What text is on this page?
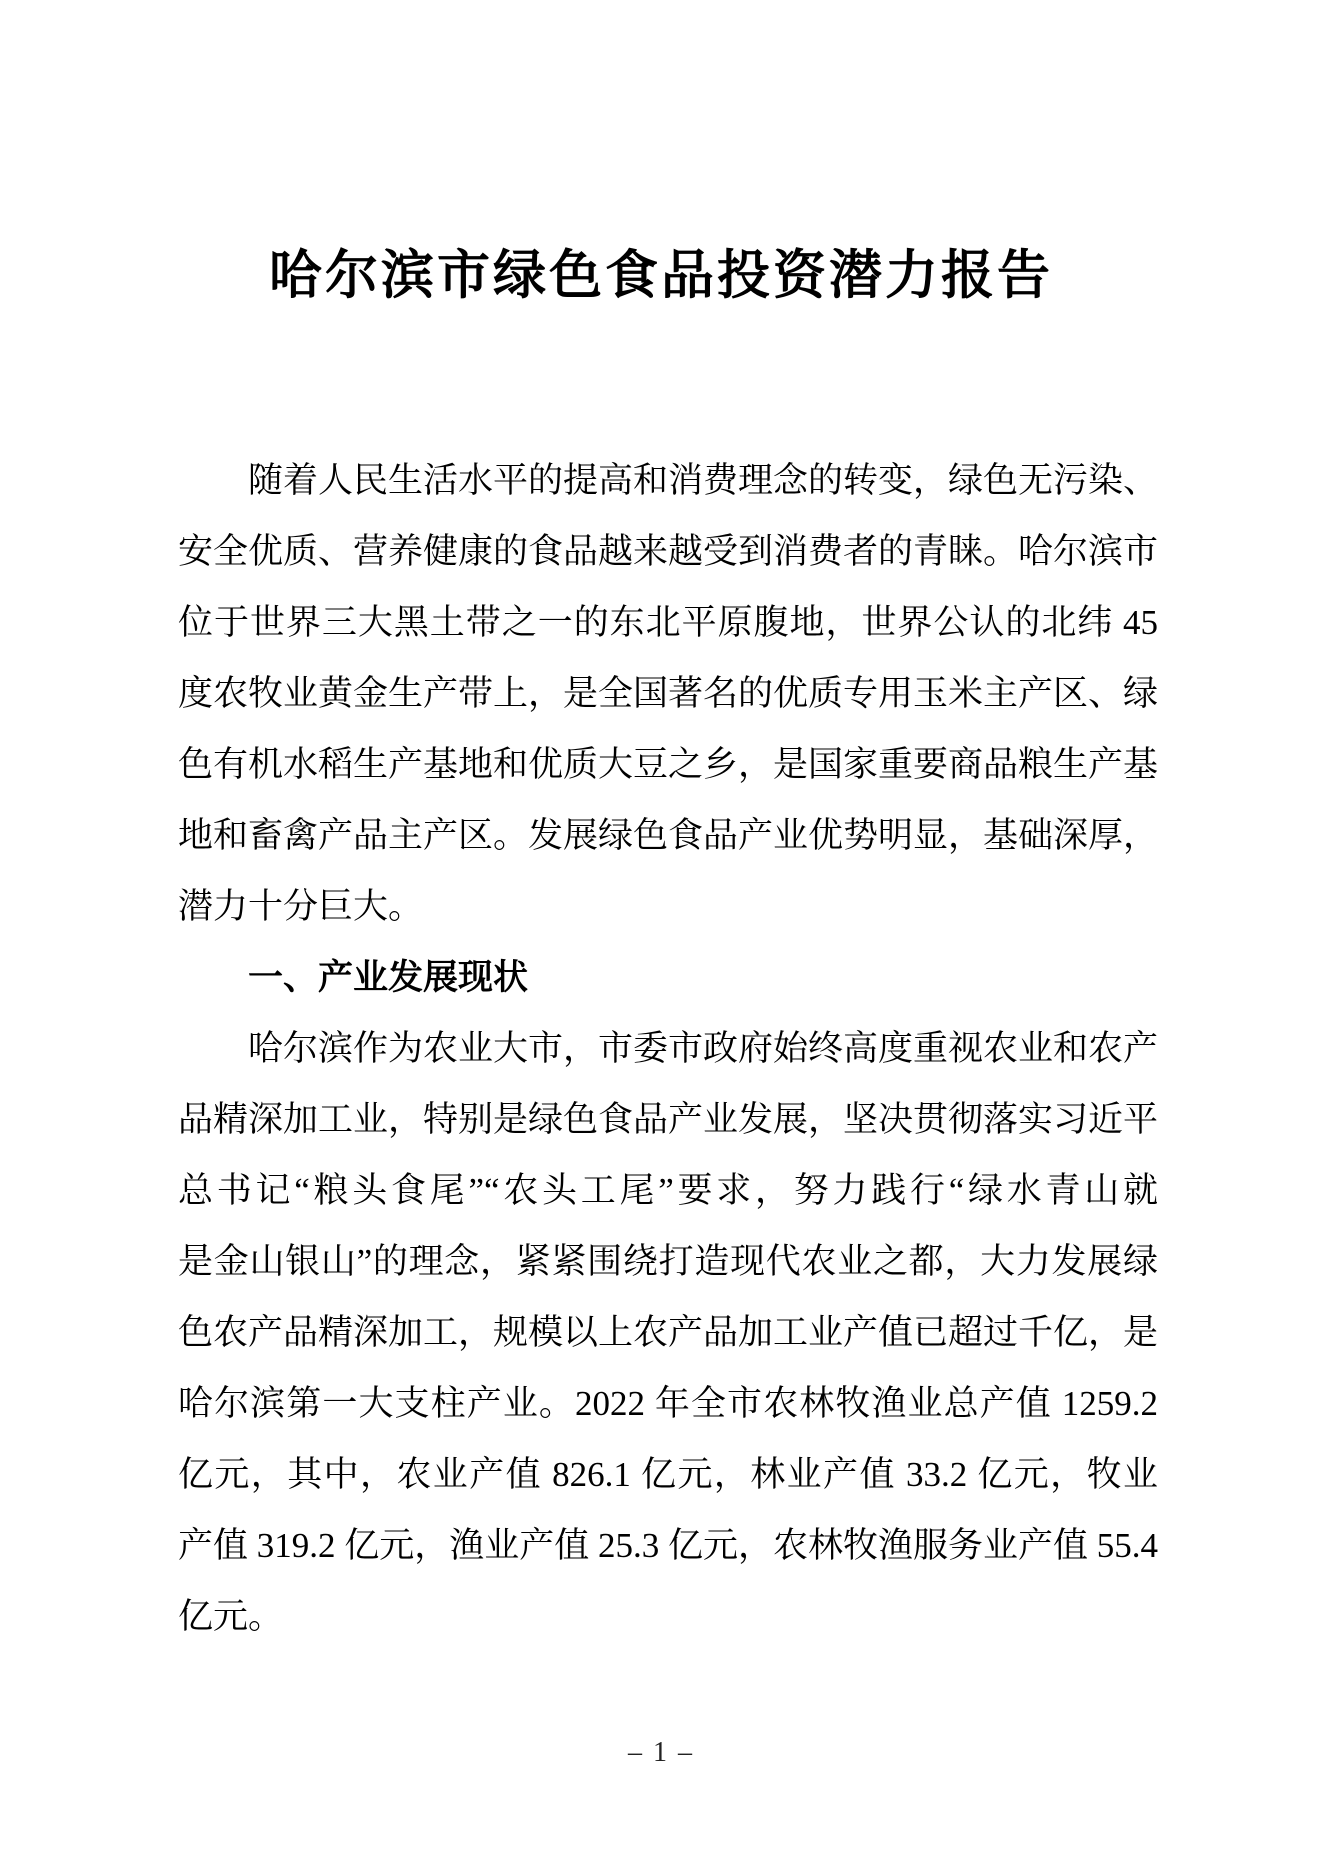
哈尔滨市绿色食品投资潜力报告
随着人民生活水平的提高和消费理念的转变，绿色无污染、
安全优质、营养健康的食品越来越受到消费者的青睐。哈尔滨市
位于世界三大黑土带之一的东北平原腹地，世界公认的北纬 45
度农牧业黄金生产带上，是全国著名的优质专用玉米主产区、绿
色有机水稻生产基地和优质大豆之乡，是国家重要商品粮生产基
地和畜禽产品主产区。发展绿色食品产业优势明显，基础深厚，
潜力十分巨大。
一、产业发展现状
哈尔滨作为农业大市，市委市政府始终高度重视农业和农产
品精深加工业，特别是绿色食品产业发展，坚决贯彻落实习近平
总书记“粮头食尾”“农头工尾”要求，努力践行“绿水青山就
是金山银山”的理念，紧紧围绕打造现代农业之都，大力发展绿
色农产品精深加工，规模以上农产品加工业产值已超过千亿，是
哈尔滨第一大支柱产业。2022 年全市农林牧渔业总产值 1259.2
亿元，其中，农业产值 826.1 亿元，林业产值 33.2 亿元，牧业
产值 319.2 亿元，渔业产值 25.3 亿元，农林牧渔服务业产值 55.4
亿元。
– 1 –
